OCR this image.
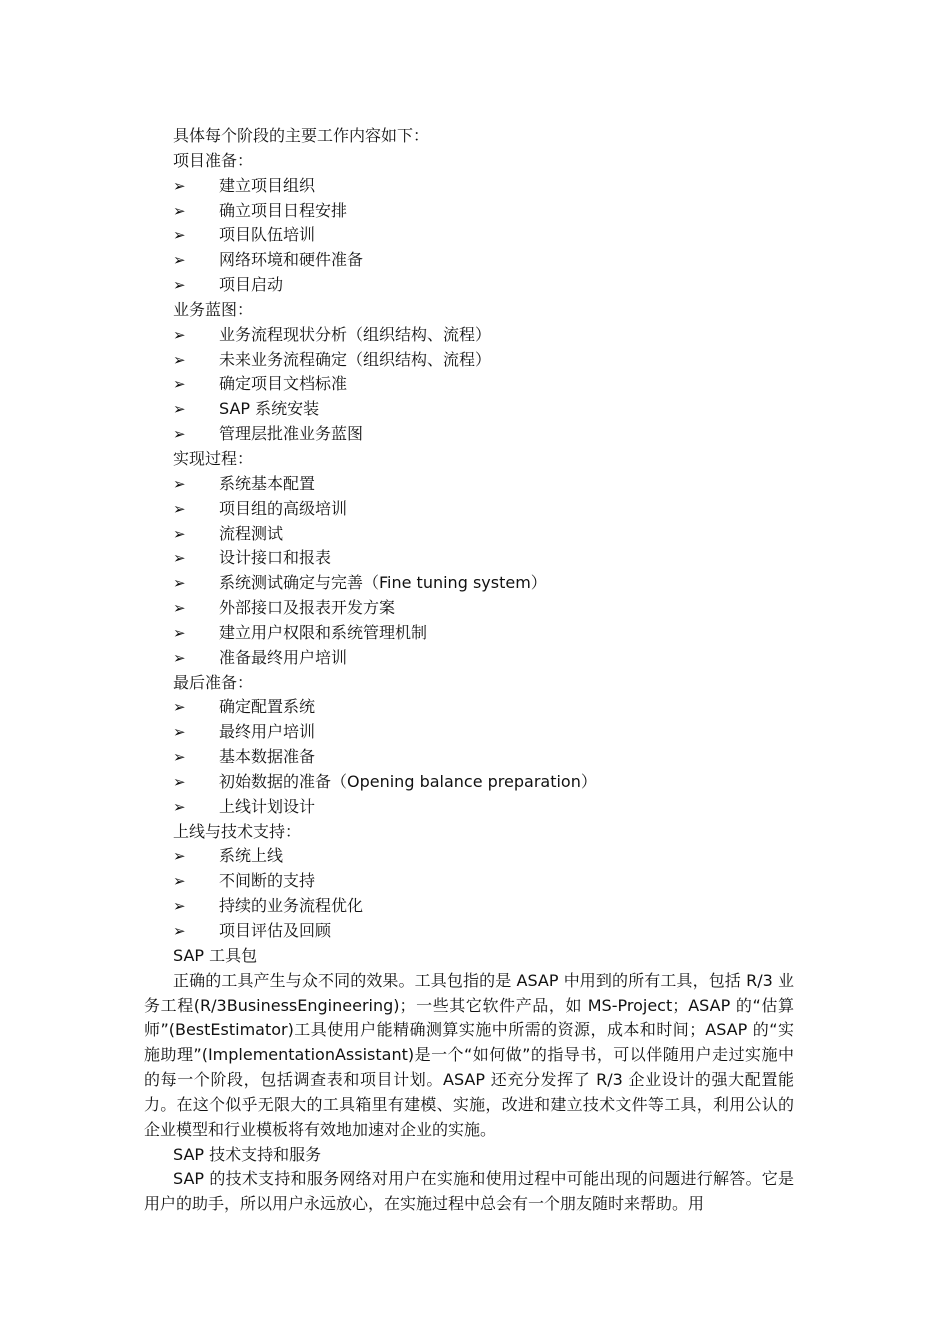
具体每个阶段的主要工作内容如下：
项目准备：
➢	建立项目组织
➢	确立项目日程安排
➢	项目队伍培训
➢	网络环境和硬件准备
➢	项目启动
业务蓝图：
➢	业务流程现状分析（组织结构、流程）
➢	未来业务流程确定（组织结构、流程）
➢	确定项目文档标准
➢	SAP 系统安装
➢	管理层批准业务蓝图
实现过程：
➢	系统基本配置
➢	项目组的高级培训
➢	流程测试
➢	设计接口和报表
➢	系统测试确定与完善（Fine tuning system）
➢	外部接口及报表开发方案
➢	建立用户权限和系统管理机制
➢	准备最终用户培训
最后准备：
➢	确定配置系统
➢	最终用户培训
➢	基本数据准备
➢	初始数据的准备（Opening balance preparation）
➢	上线计划设计
上线与技术支持：
➢	系统上线
➢	不间断的支持
➢	持续的业务流程优化
➢	项目评估及回顾
SAP 工具包
正确的工具产生与众不同的效果。工具包指的是 ASAP 中用到的所有工具，包括 R/3 业务工程(R/3BusinessEngineering)；一些其它软件产品，如 MS-Project；ASAP 的“估算师”(BestEstimator)工具使用户能精确测算实施中所需的资源，成本和时间；ASAP 的“实施助理”(ImplementationAssistant)是一个“如何做”的指导书，可以伴随用户走过实施中的每一个阶段，包括调查表和项目计划。ASAP 还充分发挥了 R/3 企业设计的强大配置能力。在这个似乎无限大的工具箱里有建模、实施，改进和建立技术文件等工具，利用公认的企业模型和行业模板将有效地加速对企业的实施。
SAP 技术支持和服务
SAP 的技术支持和服务网络对用户在实施和使用过程中可能出现的问题进行解答。它是用户的助手，所以用户永远放心，在实施过程中总会有一个朋友随时来帮助。用
